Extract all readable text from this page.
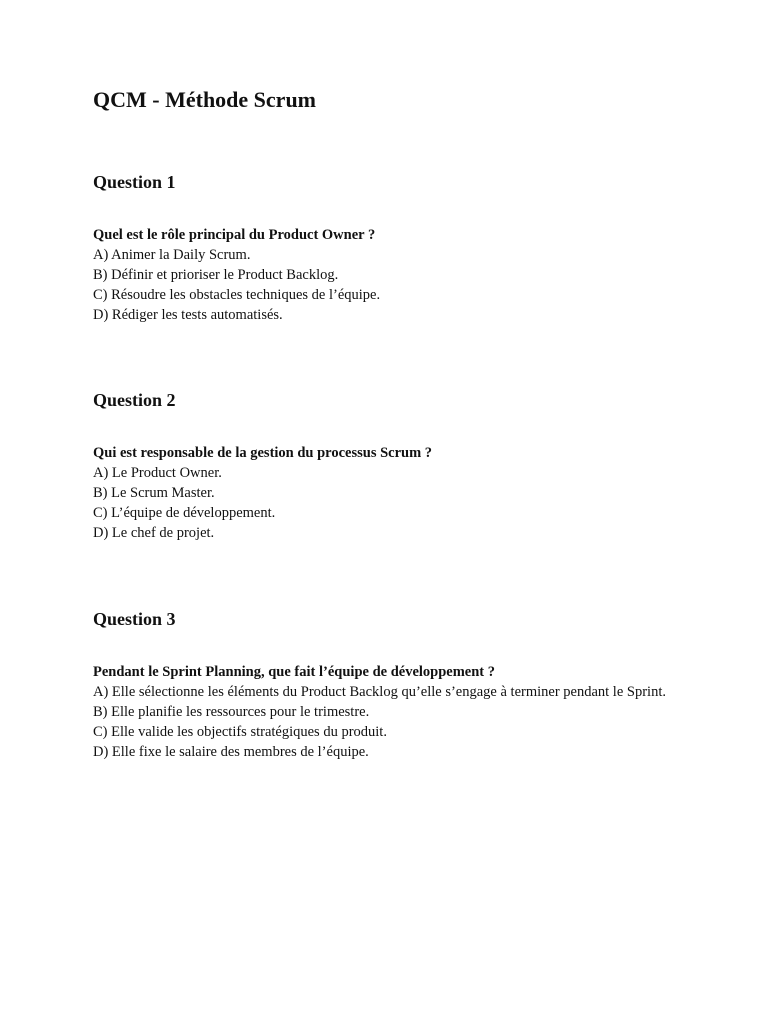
QCM - Méthode Scrum
Question 1

Quel est le rôle principal du Product Owner ?

A) Animer la Daily Scrum.

B) Définir et prioriser le Product Backlog.

C) Résoudre les obstacles techniques de l’équipe.

D) Rédiger les tests automatisés.

Question 2

Qui est responsable de la gestion du processus Scrum ?

A) Le Product Owner.

B) Le Scrum Master.

C) L’équipe de développement.

D) Le chef de projet.

Question 3

Pendant le Sprint Planning, que fait l’équipe de développement ?

A) Elle sélectionne les éléments du Product Backlog qu’elle s’engage à terminer pendant le Sprint.

B) Elle planifie les ressources pour le trimestre.

C) Elle valide les objectifs stratégiques du produit.

D) Elle fixe le salaire des membres de l’équipe.
